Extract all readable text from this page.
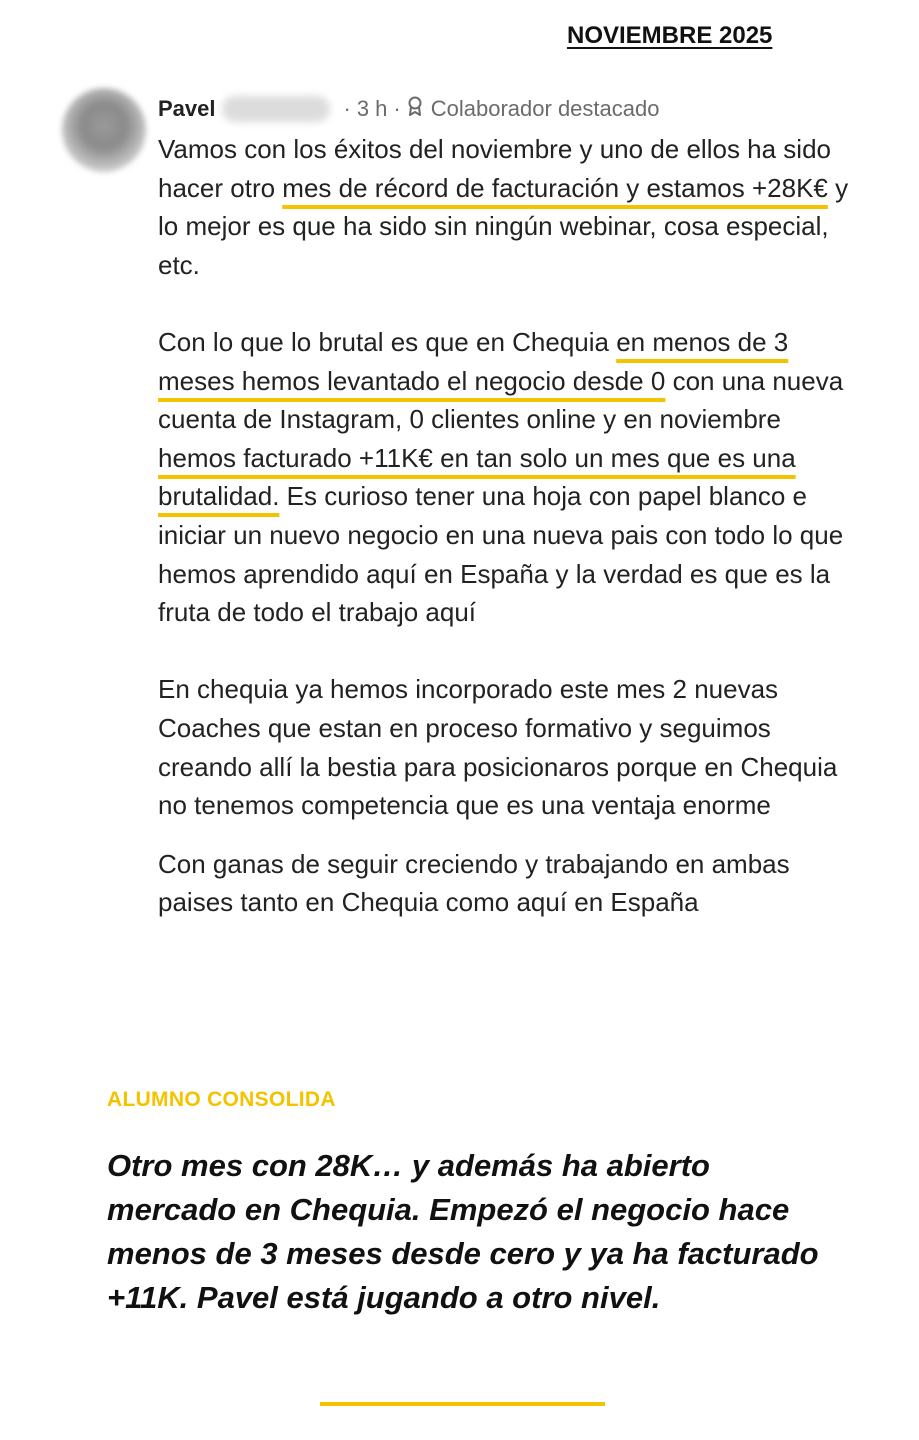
NOVIEMBRE 2025
Pavel	· 3 h · Colaborador destacado

Vamos con los éxitos del noviembre y uno de ellos ha sido hacer otro mes de récord de facturación y estamos +28K€ y lo mejor es que ha sido sin ningún webinar, cosa especial, etc.

Con lo que lo brutal es que en Chequia en menos de 3 meses hemos levantado el negocio desde 0 con una nueva cuenta de Instagram, 0 clientes online y en noviembre hemos facturado +11K€ en tan solo un mes que es una brutalidad. Es curioso tener una hoja con papel blanco e iniciar un nuevo negocio en una nueva pais con todo lo que hemos aprendido aquí en España y la verdad es que es la fruta de todo el trabajo aquí

En chequia ya hemos incorporado este mes 2 nuevas Coaches que estan en proceso formativo y seguimos creando allí la bestia para posicionaros porque en Chequia no tenemos competencia que es una ventaja enorme

Con ganas de seguir creciendo y trabajando en ambas paises tanto en Chequia como aquí en España

ALUMNO CONSOLIDA
Otro mes con 28K… y además ha abierto mercado en Chequia. Empezó el negocio hace menos de 3 meses desde cero y ya ha facturado +11K. Pavel está jugando a otro nivel.
